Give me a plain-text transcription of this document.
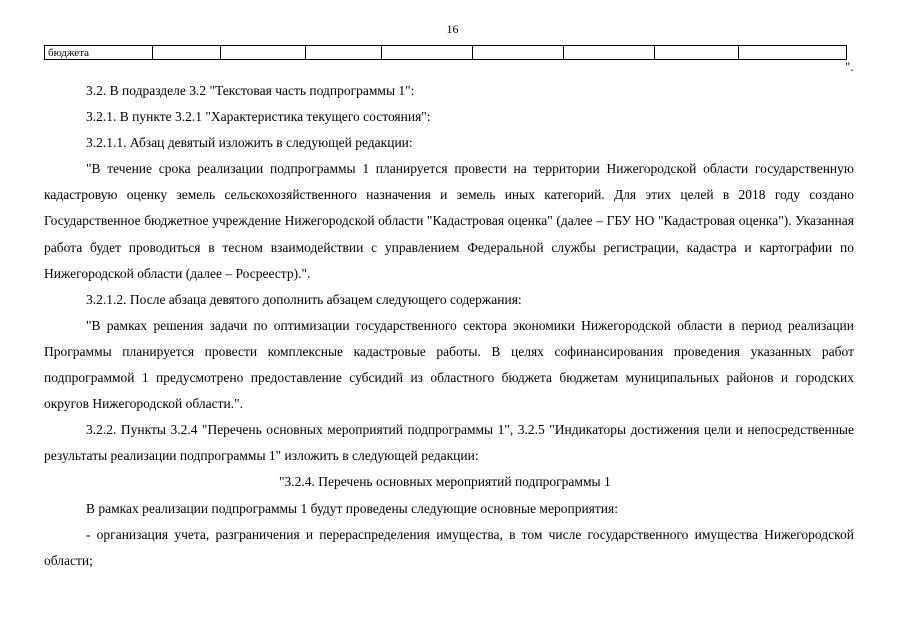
16
бюджета								
".

3.2. В подразделе 3.2 "Текстовая часть подпрограммы 1":

3.2.1. В пункте 3.2.1 "Характеристика текущего состояния":

3.2.1.1. Абзац девятый изложить в следующей редакции:

"В течение срока реализации подпрограммы 1 планируется провести на территории Нижегородской области государственную кадастровую оценку земель сельскохозяйственного назначения и земель иных категорий. Для этих целей в 2018 году создано Государственное бюджетное учреждение Нижегородской области "Кадастровая оценка" (далее – ГБУ НО "Кадастровая оценка"). Указанная работа будет проводиться в тесном взаимодействии с управлением Федеральной службы регистрации, кадастра и картографии по Нижегородской области (далее – Росреестр).".

3.2.1.2. После абзаца девятого дополнить абзацем следующего содержания:

"В рамках решения задачи по оптимизации государственного сектора экономики Нижегородской области в период реализации Программы планируется провести комплексные кадастровые работы. В целях софинансирования проведения указанных работ подпрограммой 1 предусмотрено предоставление субсидий из областного бюджета бюджетам муниципальных районов и городских округов Нижегородской области.".

3.2.2. Пункты 3.2.4 "Перечень основных мероприятий подпрограммы 1", 3.2.5 "Индикаторы достижения цели и непосредственные результаты реализации подпрограммы 1" изложить в следующей редакции:

"3.2.4. Перечень основных мероприятий подпрограммы 1

В рамках реализации подпрограммы 1 будут проведены следующие основные мероприятия:

- организация учета, разграничения и перераспределения имущества, в том числе государственного имущества Нижегородской области;
